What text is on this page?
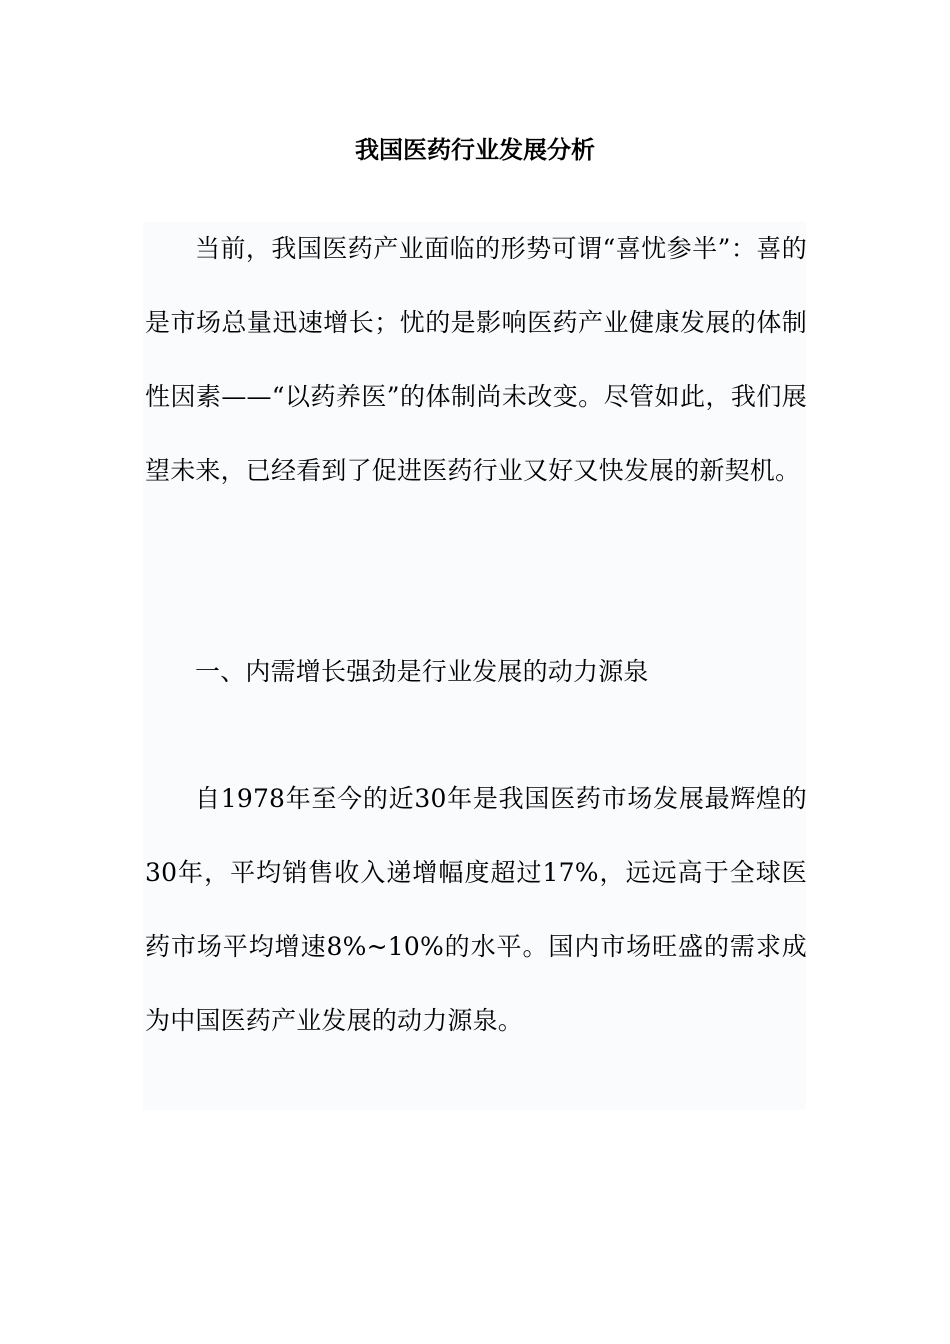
我国医药行业发展分析

当前，我国医药产业面临的形势可谓“喜忧参半”：喜的是市场总量迅速增长；忧的是影响医药产业健康发展的体制性因素——“以药养医”的体制尚未改变。尽管如此，我们展望未来，已经看到了促进医药行业又好又快发展的新契机。

一、内需增长强劲是行业发展的动力源泉

自1978年至今的近30年是我国医药市场发展最辉煌的30年，平均销售收入递增幅度超过17%，远远高于全球医药市场平均增速8%~10%的水平。国内市场旺盛的需求成为中国医药产业发展的动力源泉。
